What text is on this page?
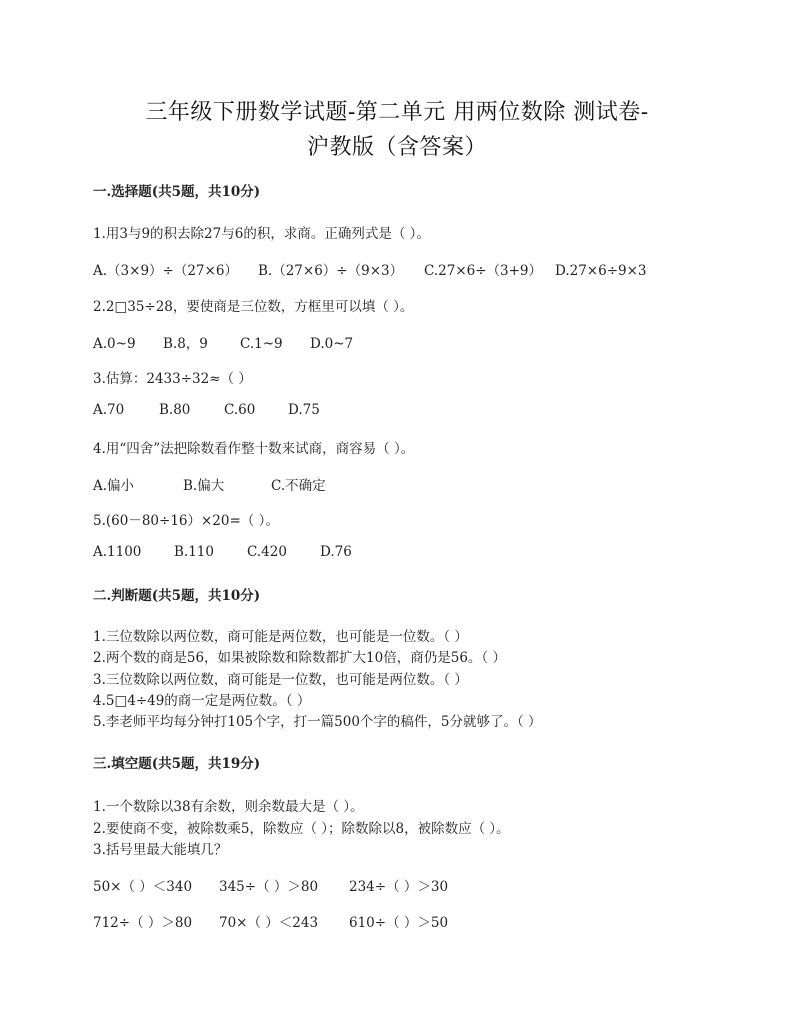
三年级下册数学试题-第二单元 用两位数除 测试卷-
沪教版（含答案）
一.选择题(共5题，共10分)
1.用3与9的积去除27与6的积，求商。正确列式是（ ）。
A.（3×9）÷（27×6） B.（27×6）÷（9×3） C.27×6÷（3+9） D.27×6÷9×3
2.2□35÷28，要使商是三位数，方框里可以填（ ）。
A.0~9 B.8，9 C.1~9 D.0~7
3.估算：2433÷32≈（ ）
A.70	B.80 C.60 D.75
4.用“四舍”法把除数看作整十数来试商，商容易（ ）。
A.偏小	B.偏大	C.不确定
5.(60－80÷16）×20=（ ）。
A.1100 B.110 C.420 D.76
二.判断题(共5题，共10分)
1.三位数除以两位数，商可能是两位数，也可能是一位数。（ ）
2.两个数的商是56，如果被除数和除数都扩大10倍，商仍是56。（ ）
3.三位数除以两位数，商可能是一位数，也可能是两位数。（ ）
4.5□4÷49的商一定是两位数。（ ）
5.李老师平均每分钟打105个字，打一篇500个字的稿件，5分就够了。（ ）
三.填空题(共5题，共19分)
1.一个数除以38有余数，则余数最大是（ ）。
2.要使商不变，被除数乘5，除数应（ ）；除数除以8，被除数应（ ）。
3.括号里最大能填几？
50×（ ）＜340 345÷（ ）＞80 234÷（ ）＞30
712÷（ ）＞80 70×（ ）＜243 610÷（ ）＞50
